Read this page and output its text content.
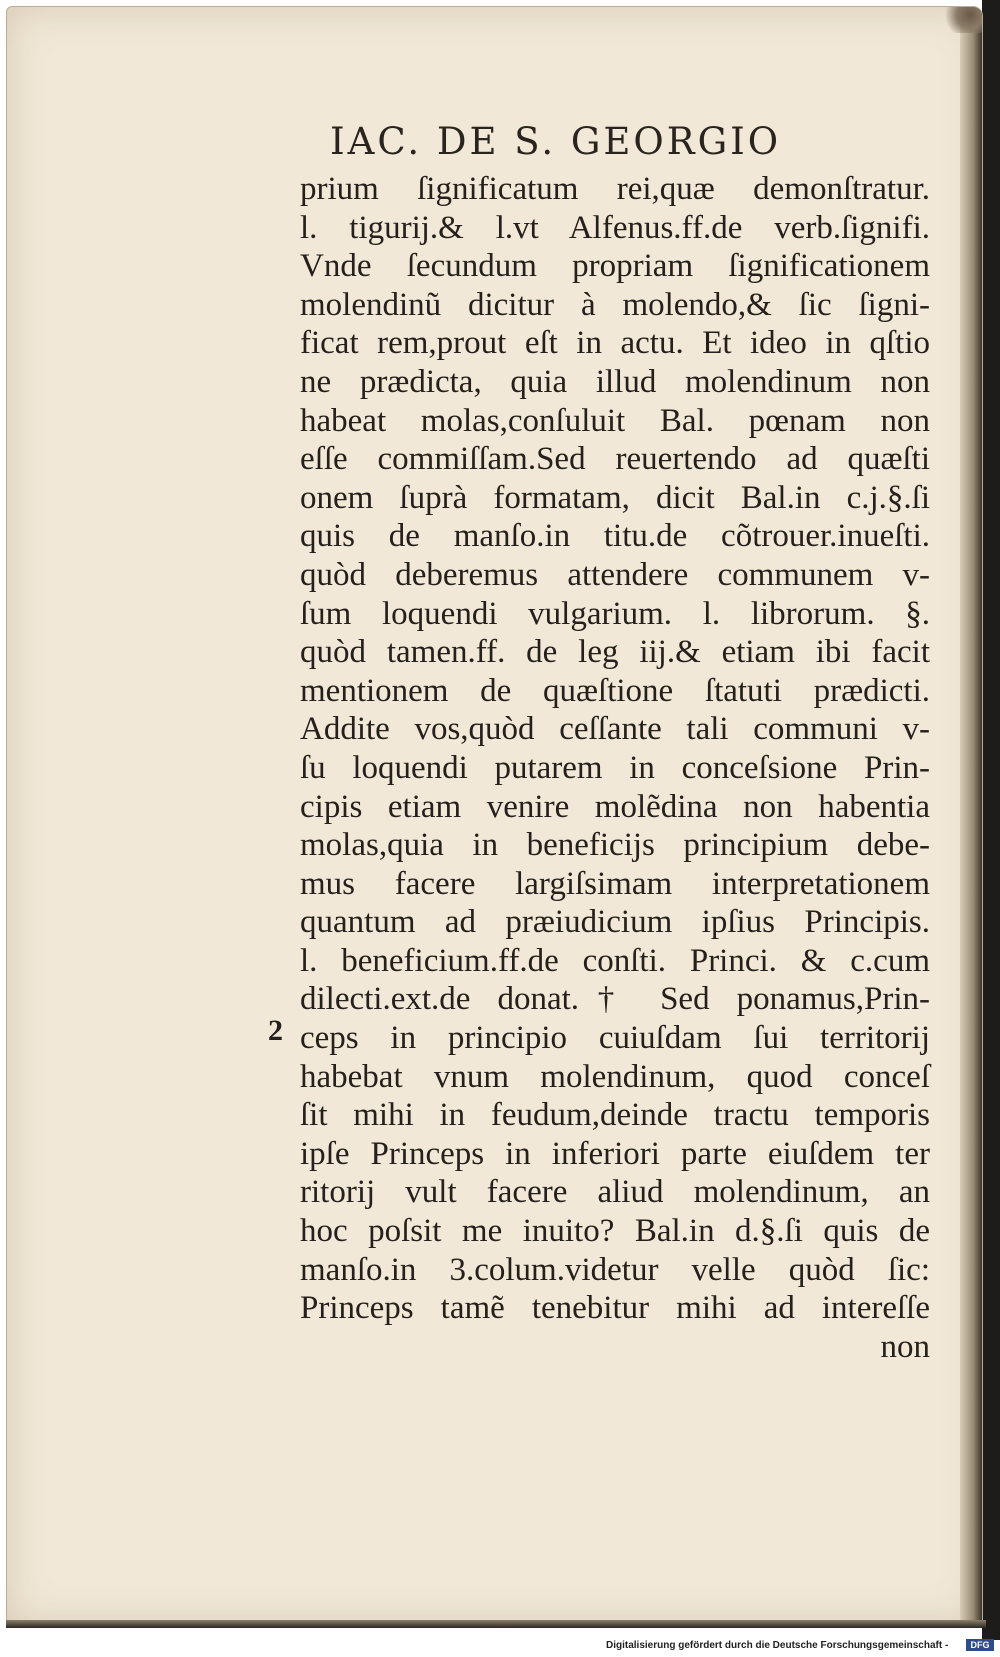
IAC. DE S. GEORGIO
2
prium ſignificatum rei,quæ demonſtratur.
l. tigurij.& l.vt Alfenus.ff.de verb.ſignifi.
Vnde ſecundum propriam ſignificationem
molendinũ dicitur à molendo,& ſic ſigni-
ficat rem,prout eſt in actu. Et ideo in qſtio
ne prædicta, quia illud molendinum non
habeat molas,conſuluit Bal. pœnam non
eſſe commiſſam.Sed reuertendo ad quæſti
onem ſuprà formatam, dicit Bal.in c.j.§.ſi
quis de manſo.in titu.de cõtrouer.inueſti.
quòd deberemus attendere communem v-
ſum loquendi vulgarium. l. librorum. §.
quòd tamen.ff. de leg iij.& etiam ibi facit
mentionem de quæſtione ſtatuti prædicti.
Addite vos,quòd ceſſante tali communi v-
ſu loquendi putarem in conceſsione Prin-
cipis etiam venire molẽdina non habentia
molas,quia in beneficijs principium debe-
mus facere largiſsimam interpretationem
quantum ad præiudicium ipſius Principis.
l. beneficium.ff.de conſti. Princi. & c.cum
dilecti.ext.de donat.† Sed ponamus,Prin-
ceps in principio cuiuſdam ſui territorij
habebat vnum molendinum, quod conceſ
ſit mihi in feudum,deinde tractu temporis
ipſe Princeps in inferiori parte eiuſdem ter
ritorij vult facere aliud molendinum, an
hoc poſsit me inuito? Bal.in d.§.ſi quis de
manſo.in 3.colum.videtur velle quòd ſic:
Princeps tamẽ tenebitur mihi ad intereſſe
non
Digitalisierung gefördert durch die Deutsche Forschungsgemeinschaft -	DFG
